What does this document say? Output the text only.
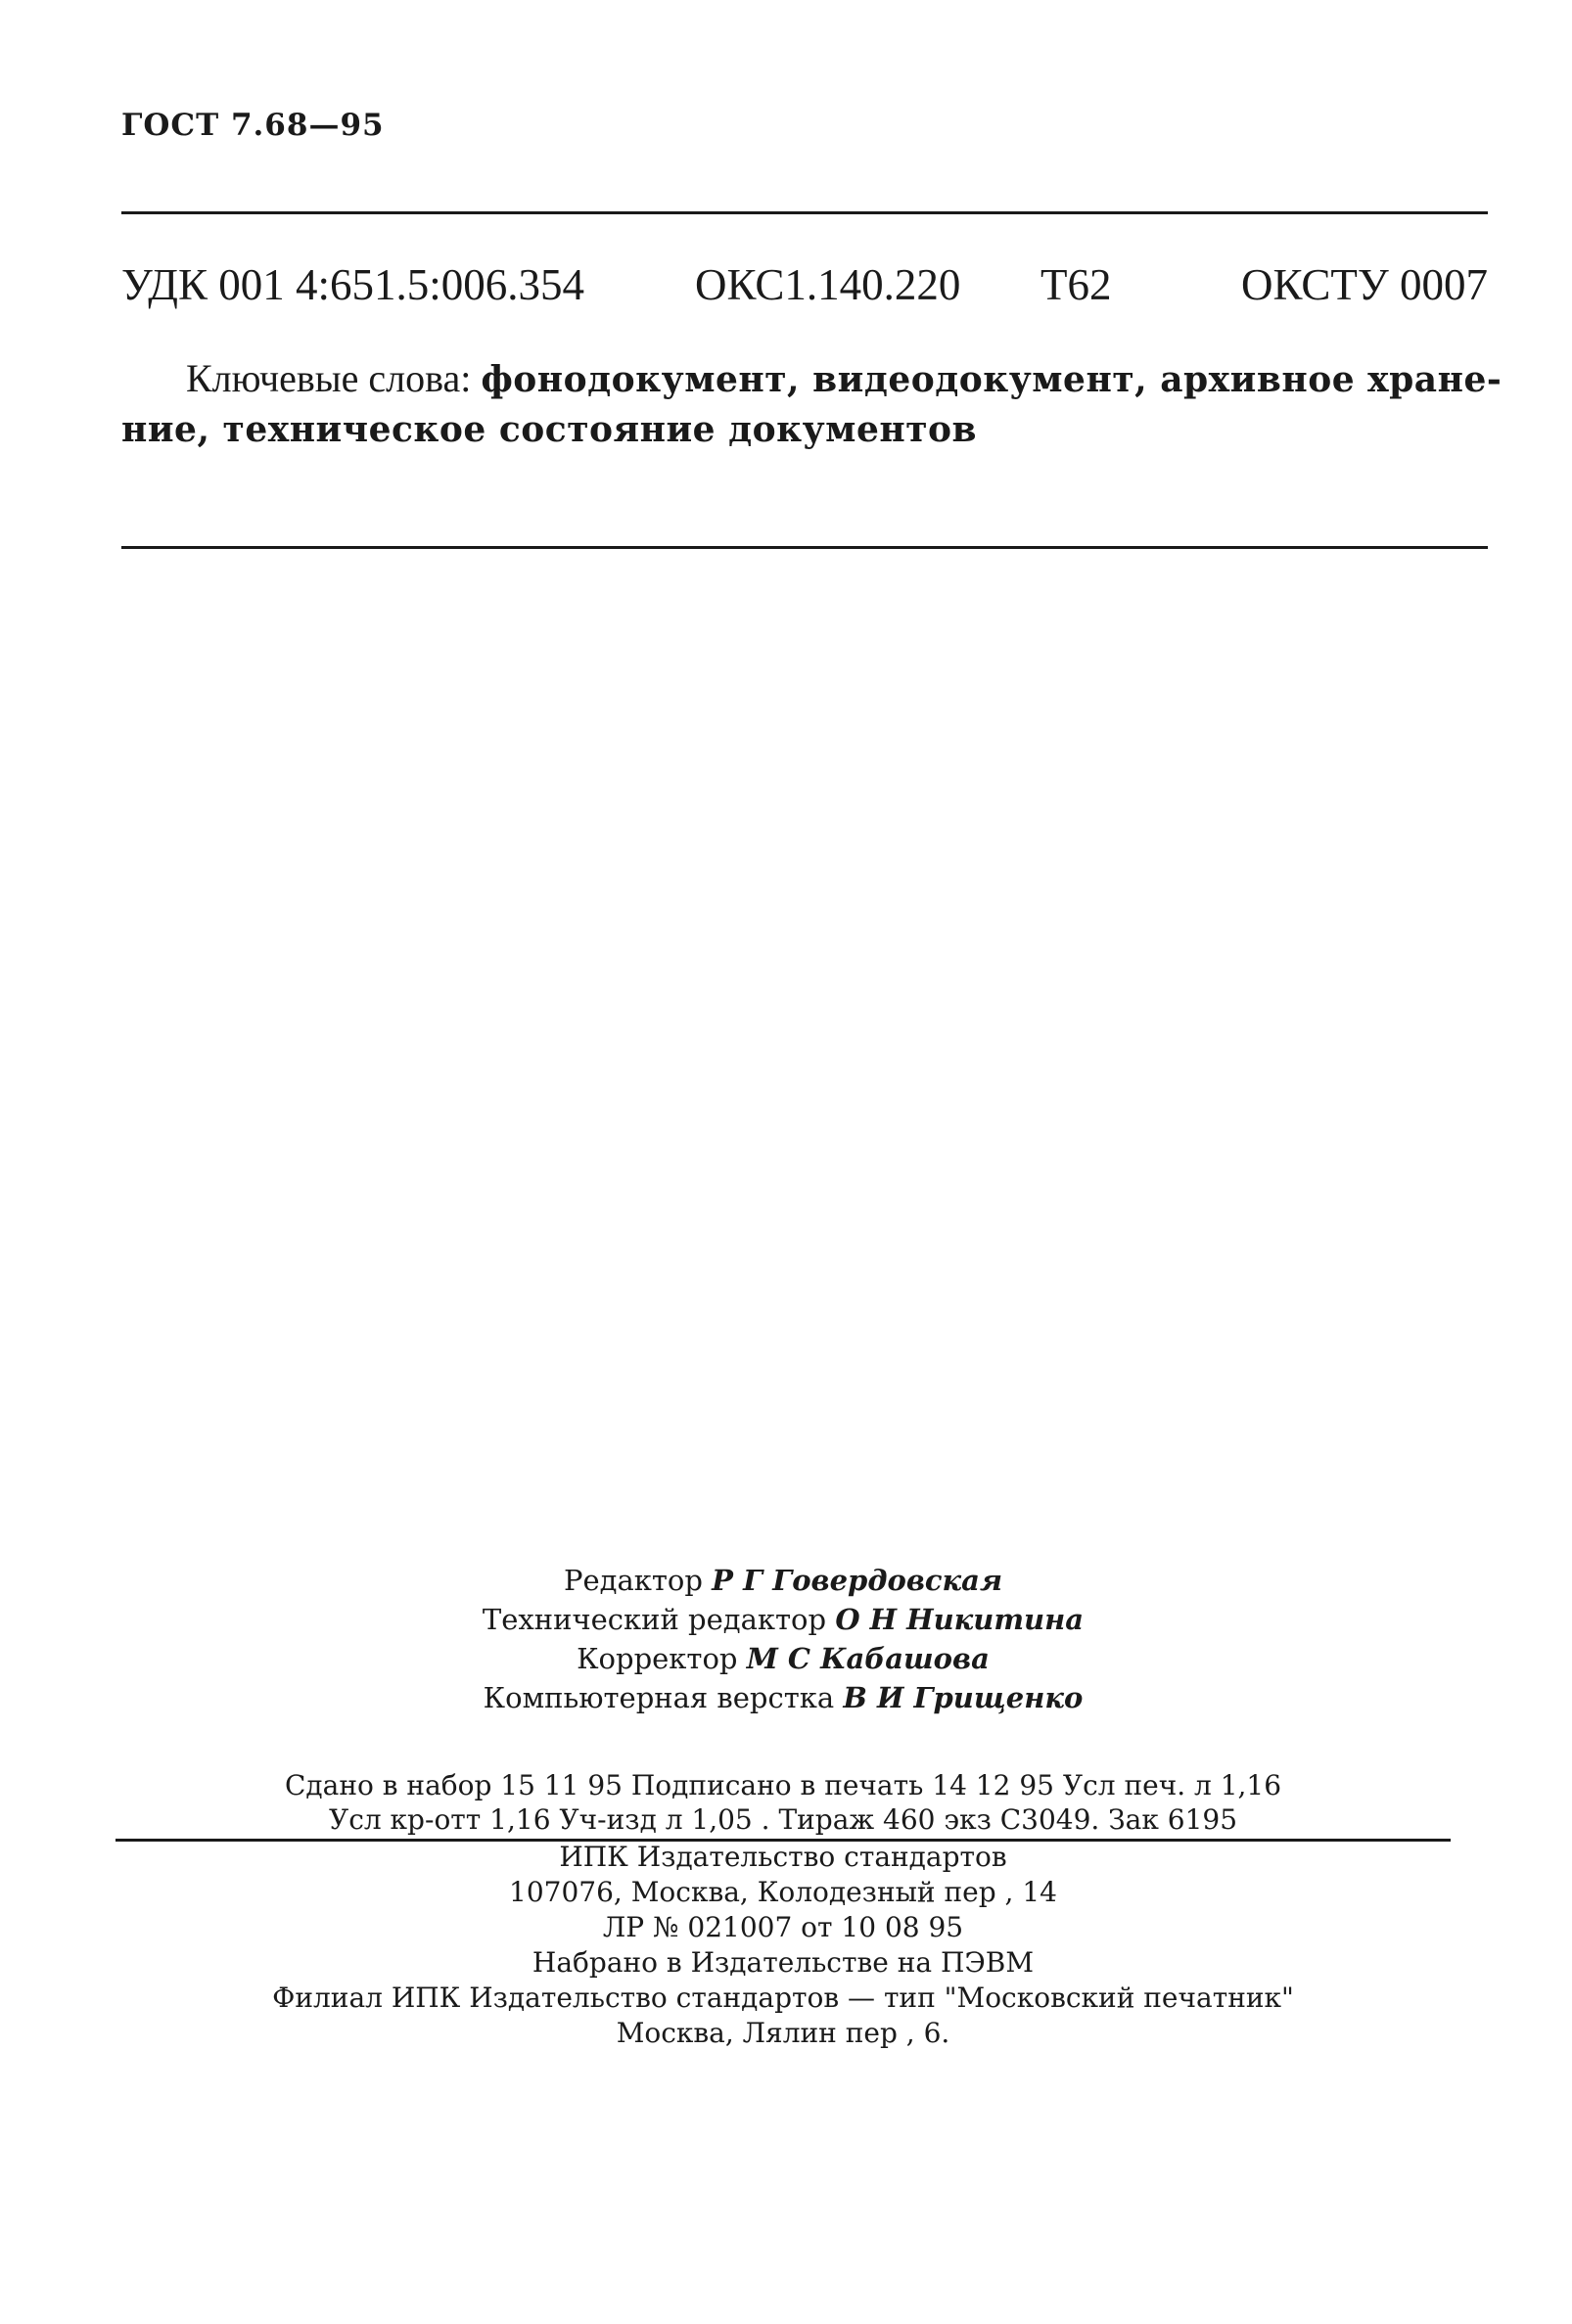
ГОСТ 7.68—95
УДК 001 4:651.5:006.354	ОКС1.140.220 Т62	ОКСТУ 0007
Ключевые слова: фонодокумент, видеодокумент, архивное хране-
ние, техническое состояние документов
Редактор Р Г Говердовская
Технический редактор О Н Никитина
Корректор М С Кабашова
Компьютерная верстка В И Грищенко
Сдано в набор 15 11 95 Подписано в печать 14 12 95 Усл печ. л 1,16
Усл кр-отт 1,16 Уч-изд л 1,05 . Тираж 460 экз С3049. Зак 6195
ИПК Издательство стандартов
107076, Москва, Колодезный пер , 14
ЛР № 021007 от 10 08 95
Набрано в Издательстве на ПЭВМ
Филиал ИПК Издательство стандартов — тип "Московский печатник"
Москва, Лялин пер , 6.
